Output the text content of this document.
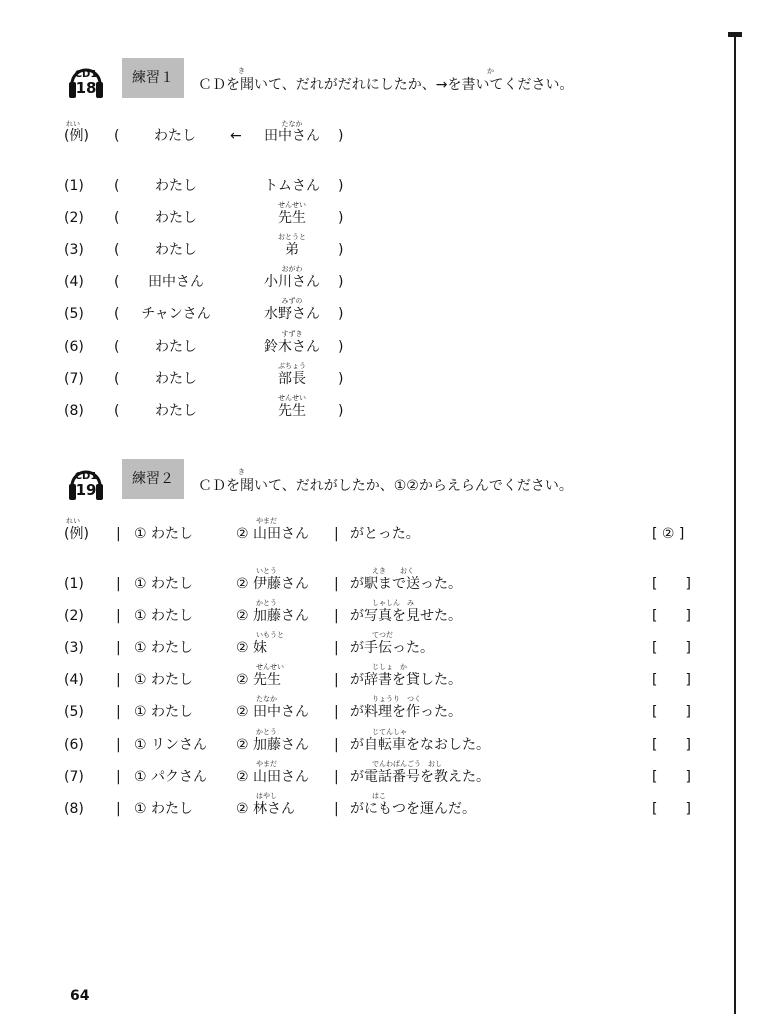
CD1
18
練習１	き	か
ＣＤを聞いて、だれがだれにしたか、→を書いてください。
れい	たなか
(例) (	わたし	←	田中さん	)
(1) (	わたし	トムさん	)
せんせい
(2) (	わたし	先生	)
おとうと
(3) (	わたし	弟	)
おがわ
(4) (	田中さん	小川さん	)
みずの
(5) (	チャンさん	水野さん	)
すずき
(6) (	わたし	鈴木さん	)
ぶちょう
(7) (	わたし	部長	)
せんせい
(8) (	わたし	先生	)
CD1
19
練習２	き
ＣＤを聞いて、だれがしたか、①②からえらんでください。
れい	やまだ
(例) | ① わたし	② 山田さん | がとった。	[ ② ]
いとう	えき　　おく
(1) | ① わたし	② 伊藤さん | が駅まで送った。	[　　]
かとう	しゃしん　み
(2) | ① わたし	② 加藤さん | が写真を見せた。	[　　]
いもうと	てつだ
(3) | ① わたし	② 妹	| が手伝った。	[　　]
せんせい	じしょ　か
(4) | ① わたし	② 先生	| が辞書を貸した。	[　　]
たなか	りょうり　つく
(5) | ① わたし	② 田中さん | が料理を作った。	[　　]
かとう	じてんしゃ
(6) | ① リンさん ② 加藤さん | が自転車をなおした。	[　　]
やまだ	でんわばんごう　おし
(7) | ① パクさん ② 山田さん | が電話番号を教えた。	[　　]
はやし	はこ
(8) | ① わたし	② 林さん	| がにもつを運んだ。	[　　]
64
